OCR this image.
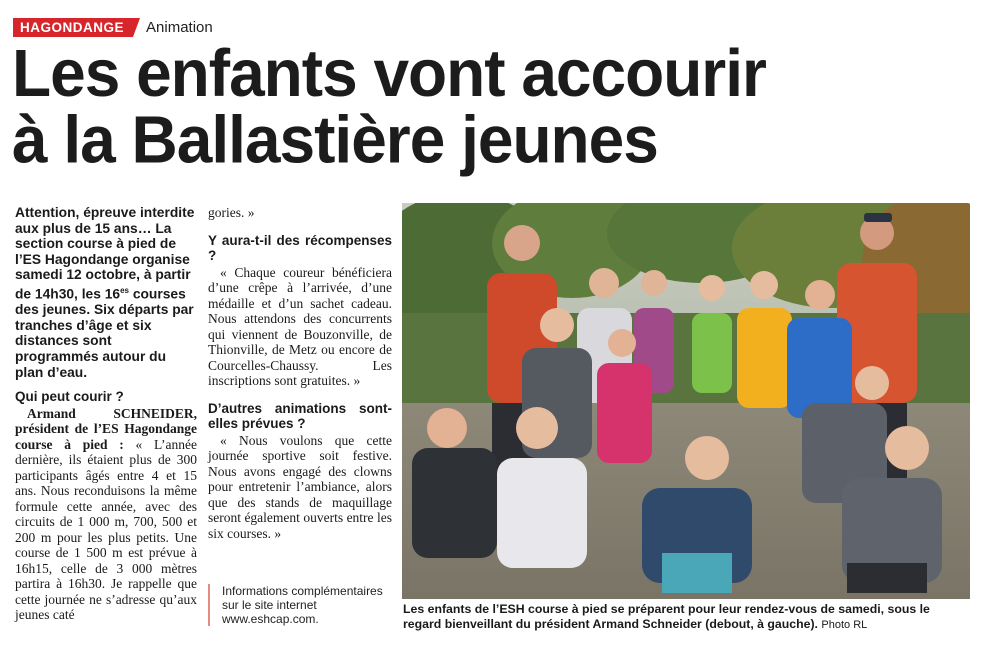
HAGONDANGE	Animation
Les enfants vont accourir
à la Ballastière jeunes

Attention, épreuve interdite aux plus de 15 ans… La section course à pied de l’ES Hagondange organise samedi 12 octobre, à partir de 14h30, les $16^{es}$ courses des jeunes. Six départs par tranches d’âge et six distances sont programmés autour du plan d’eau.

Qui peut courir ?

Armand SCHNEIDER, président de l’ES Hagondange course à pied : « L’année dernière, ils étaient plus de 300 participants âgés entre 4 et 15 ans. Nous reconduisons la même formule cette année, avec des circuits de 1 000 m, 700, 500 et 200 m pour les plus petits. Une course de 1 500 m est prévue à 16h15, celle de 3 000 mètres partira à 16h30. Je rappelle que cette journée ne s’adresse qu’aux jeunes caté

gories. »

Y aura-t-il des récompenses ?

« Chaque coureur bénéficiera d’une crêpe à l’arrivée, d’une médaille et d’un sachet cadeau. Nous attendons des concurrents qui viennent de Bouzonville, de Thionville, de Metz ou encore de Courcelles-Chaussy. Les inscriptions sont gratuites. »

D’autres animations sont-elles prévues ?

« Nous voulons que cette journée sportive soit festive. Nous avons engagé des clowns pour entretenir l’ambiance, alors que des stands de maquillage seront également ouverts entre les six courses. »

Informations complémentaires sur le site internet www.eshcap.com.
Les enfants de l’ESH course à pied se préparent pour leur rendez-vous de samedi, sous le regard bienveillant du président Armand Schneider (debout, à gauche). Photo RL
